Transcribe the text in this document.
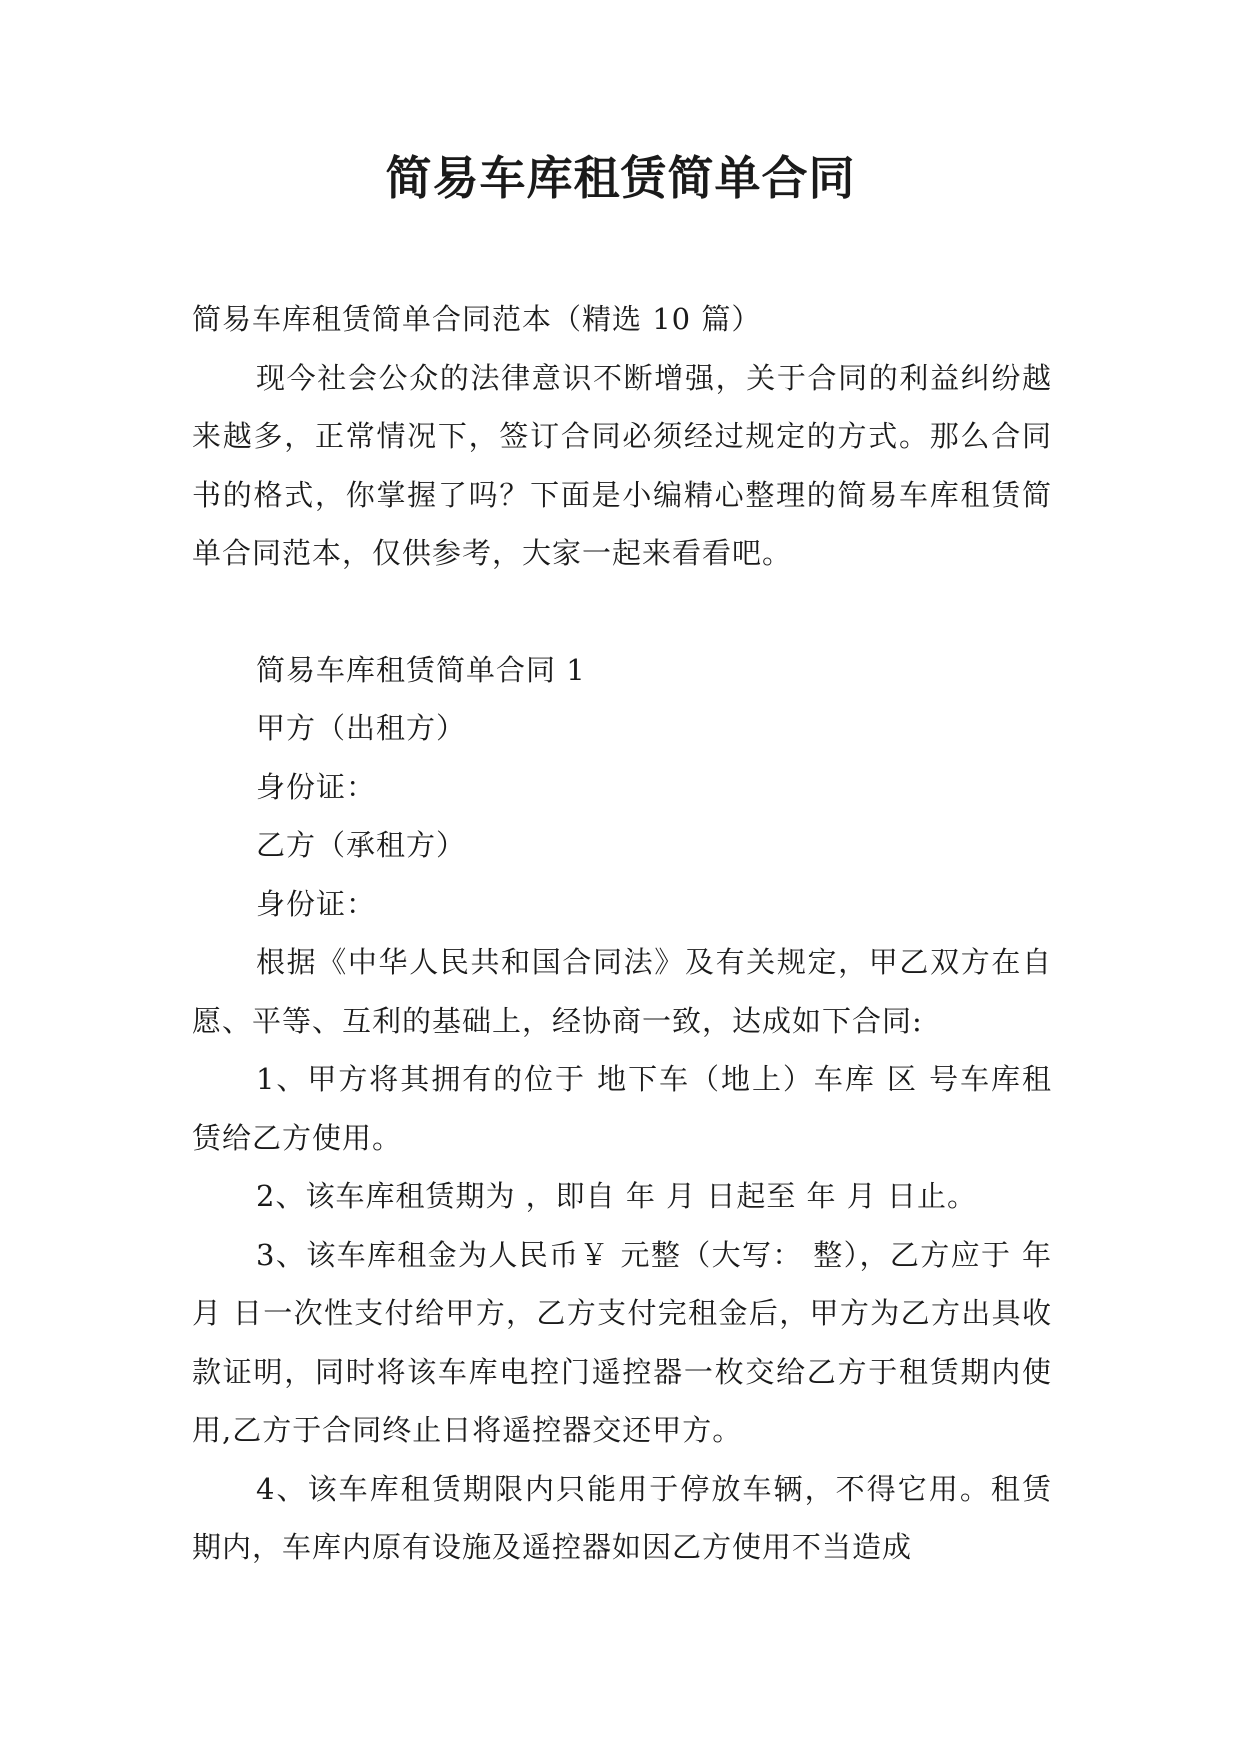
简易车库租赁简单合同

简易车库租赁简单合同范本（精选 10 篇）

现今社会公众的法律意识不断增强，关于合同的利益纠纷越来越多，正常情况下，签订合同必须经过规定的方式。那么合同书的格式，你掌握了吗？下面是小编精心整理的简易车库租赁简单合同范本，仅供参考，大家一起来看看吧。

简易车库租赁简单合同 1

甲方（出租方）

身份证：

乙方（承租方）

身份证：

根据《中华人民共和国合同法》及有关规定，甲乙双方在自愿、平等、互利的基础上，经协商一致，达成如下合同:

1、甲方将其拥有的位于 地下车（地上）车库 区 号车库租赁给乙方使用。

2、该车库租赁期为 ，即自 年 月 日起至 年 月 日止。

3、该车库租金为人民币￥ 元整（大写： 整），乙方应于 年 月 日一次性支付给甲方，乙方支付完租金后，甲方为乙方出具收款证明，同时将该车库电控门遥控器一枚交给乙方于租赁期内使用,乙方于合同终止日将遥控器交还甲方。

4、该车库租赁期限内只能用于停放车辆，不得它用。租赁期内，车库内原有设施及遥控器如因乙方使用不当造成
